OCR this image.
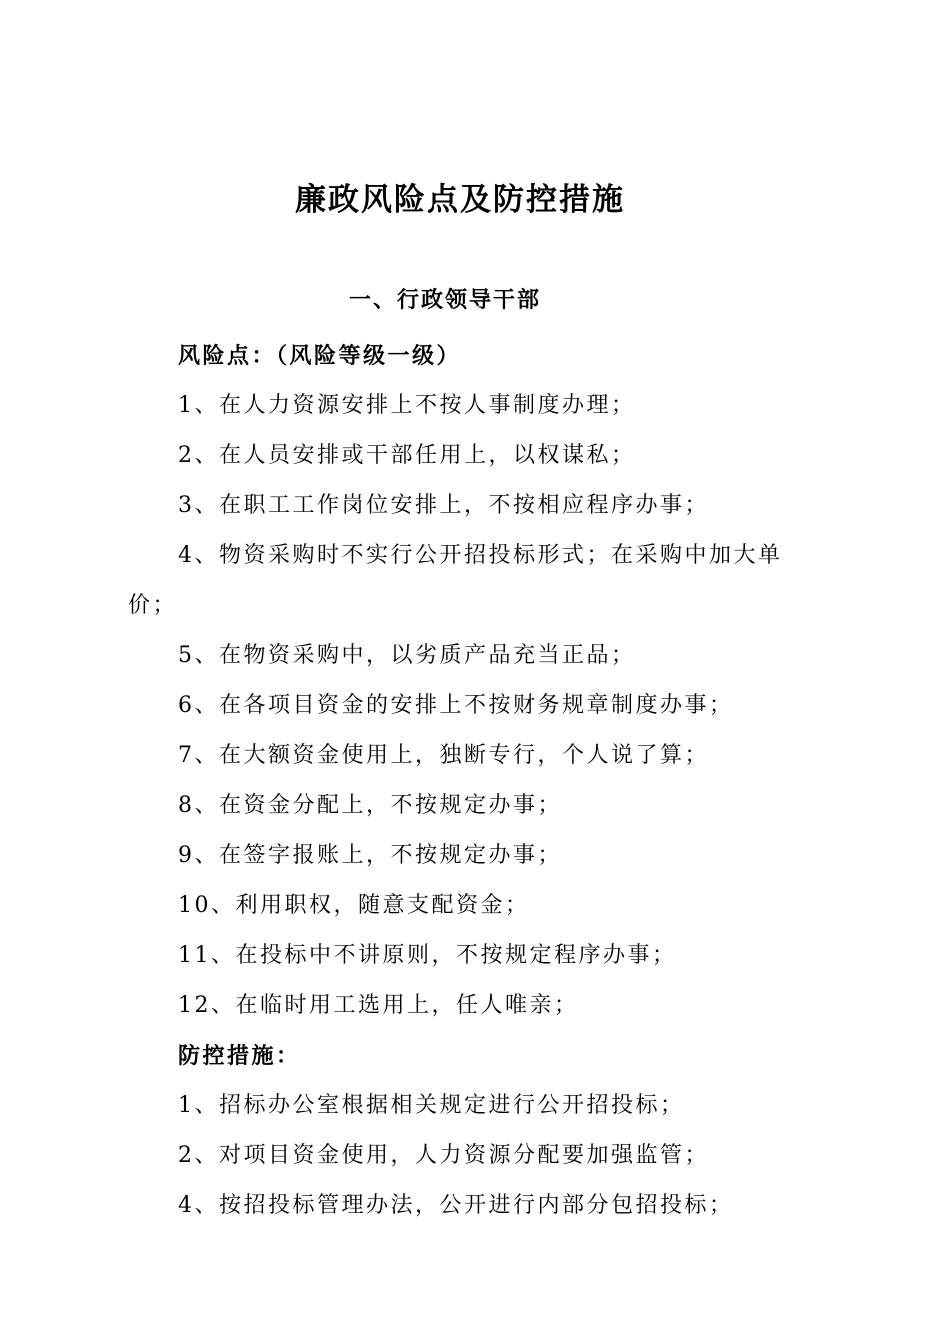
廉政风险点及防控措施
一、行政领导干部
风险点：（风险等级一级）
1、在人力资源安排上不按人事制度办理；
2、在人员安排或干部任用上，以权谋私；
3、在职工工作岗位安排上，不按相应程序办事；
4、物资采购时不实行公开招投标形式；在采购中加大单价；
5、在物资采购中，以劣质产品充当正品；
6、在各项目资金的安排上不按财务规章制度办事；
7、在大额资金使用上，独断专行，个人说了算；
8、在资金分配上，不按规定办事；
9、在签字报账上，不按规定办事；
10、利用职权，随意支配资金；
11、在投标中不讲原则，不按规定程序办事；
12、在临时用工选用上，任人唯亲；
防控措施：
1、招标办公室根据相关规定进行公开招投标；
2、对项目资金使用，人力资源分配要加强监管；
4、按招投标管理办法，公开进行内部分包招投标；
